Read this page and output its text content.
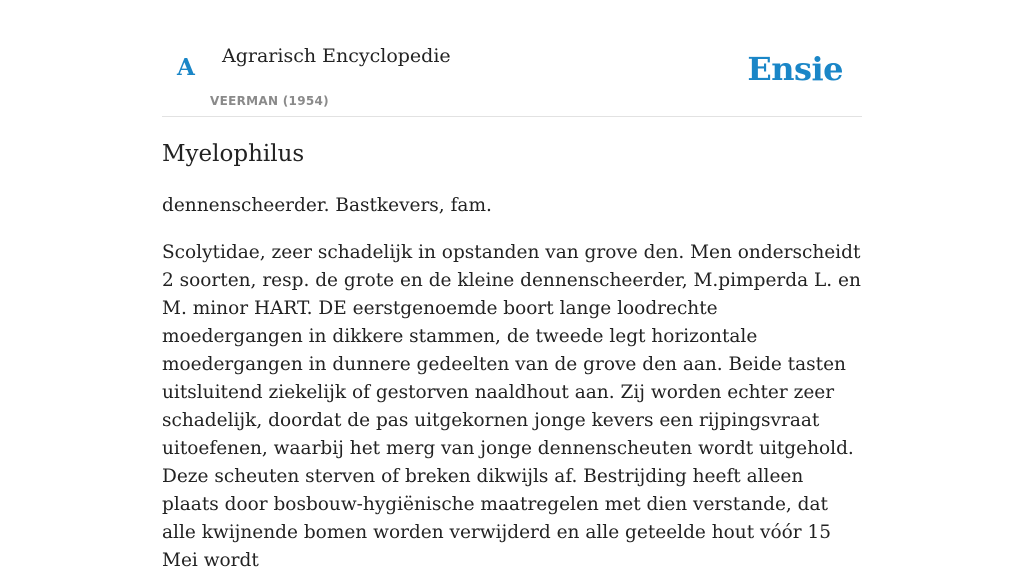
A Agrarisch Encyclopedie
VEERMAN (1954)
Ensie
Myelophilus

dennenscheerder. Bastkevers, fam.

Scolytidae, zeer schadelijk in opstanden van grove den. Men onderscheidt 2 soorten, resp. de grote en de kleine dennenscheerder, M.pimperda L. en M. minor HART. DE eerstgenoemde boort lange loodrechte moedergangen in dikkere stammen, de tweede legt horizontale moedergangen in dunnere gedeelten van de grove den aan. Beide tasten uitsluitend ziekelijk of gestorven naaldhout aan. Zij worden echter zeer schadelijk, doordat de pas uitgekornen jonge kevers een rijpingsvraat uitoefenen, waarbij het merg van jonge dennenscheuten wordt uitgehold. Deze scheuten sterven of breken dikwijls af. Bestrijding heeft alleen plaats door bosbouw-hygiënische maatregelen met dien verstande, dat alle kwijnende bomen worden verwijderd en alle geteelde hout vóór 15 Mei wordt
